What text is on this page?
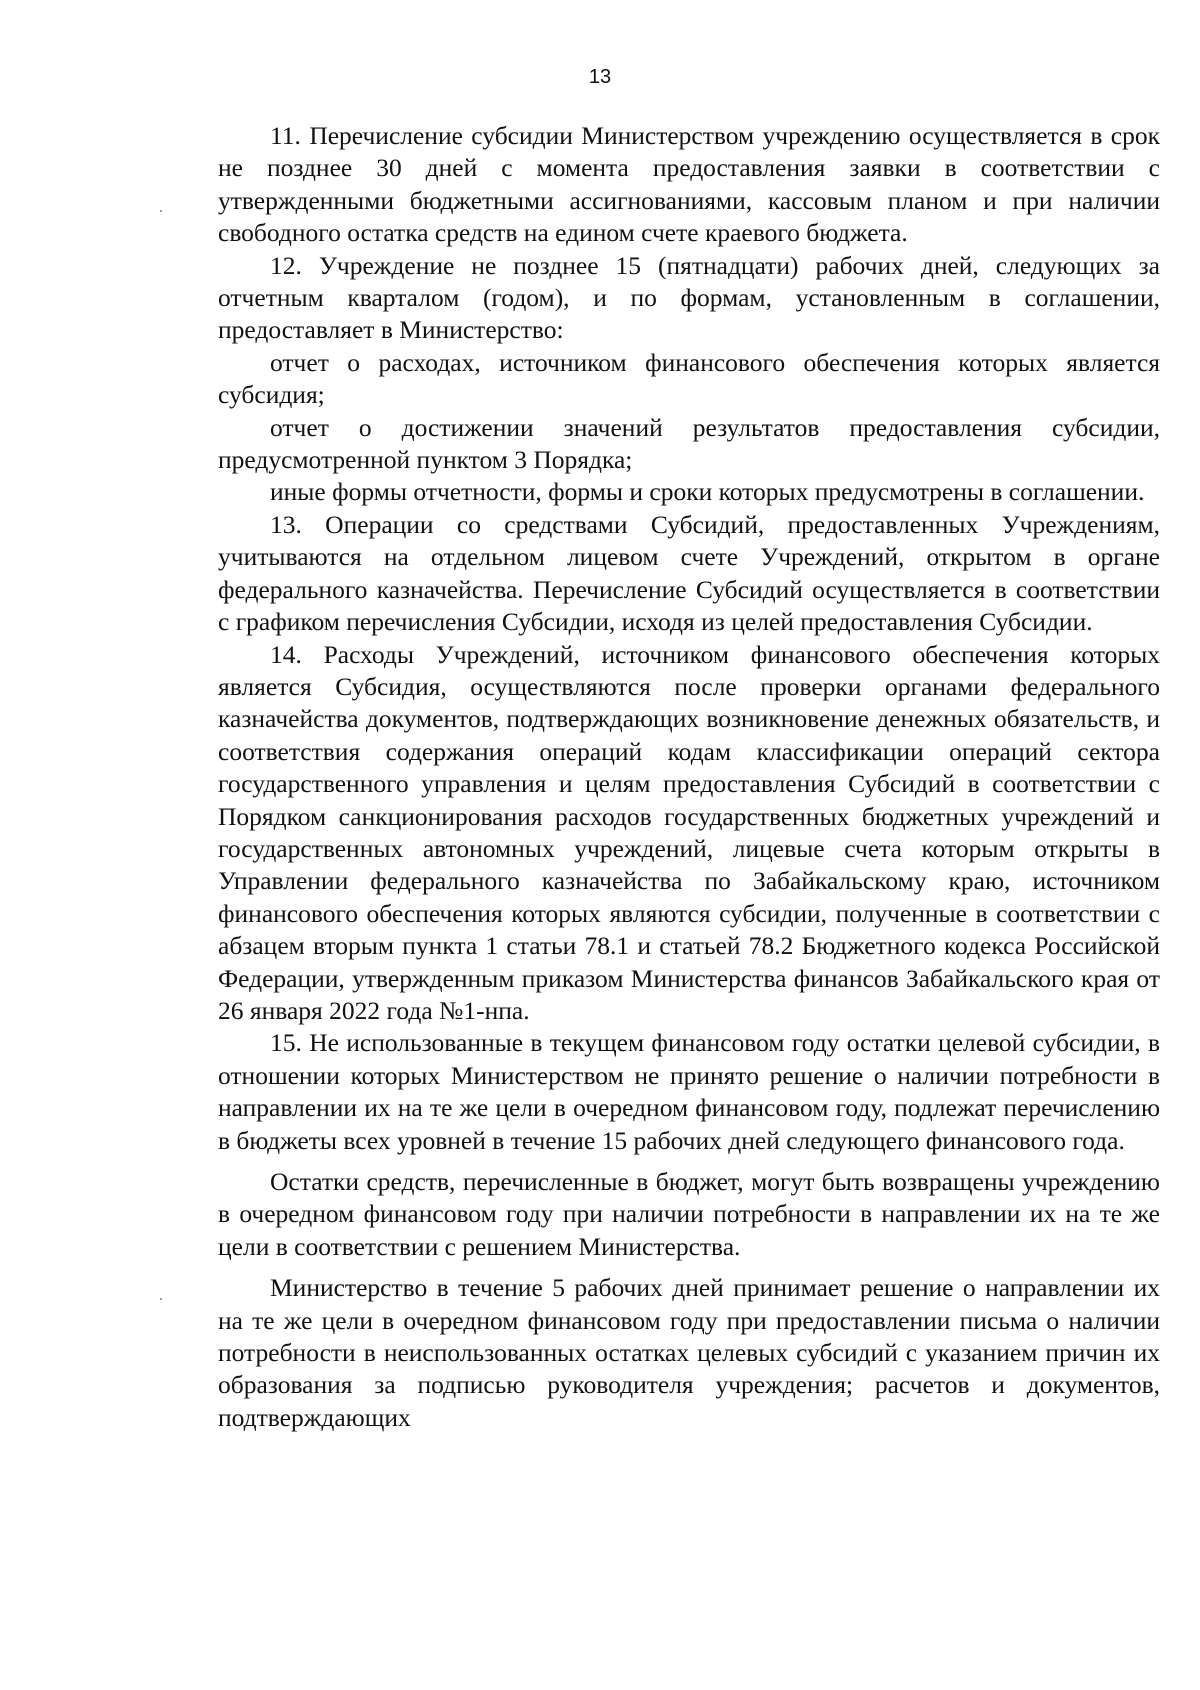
13

11. Перечисление субсидии Министерством учреждению осуществляется в срок не позднее 30 дней с момента предоставления заявки в соответствии с утвержденными бюджетными ассигнованиями, кассовым планом и при наличии свободного остатка средств на едином счете краевого бюджета.

12. Учреждение не позднее 15 (пятнадцати) рабочих дней, следующих за отчетным кварталом (годом), и по формам, установленным в соглашении, предоставляет в Министерство:

отчет о расходах, источником финансового обеспечения которых является субсидия;

отчет о достижении значений результатов предоставления субсидии, предусмотренной пунктом 3 Порядка;

иные формы отчетности, формы и сроки которых предусмотрены в соглашении.

13. Операции со средствами Субсидий, предоставленных Учреждениям, учитываются на отдельном лицевом счете Учреждений, открытом в органе федерального казначейства. Перечисление Субсидий осуществляется в соответствии с графиком перечисления Субсидии, исходя из целей предоставления Субсидии.

14. Расходы Учреждений, источником финансового обеспечения которых является Субсидия, осуществляются после проверки органами федерального казначейства документов, подтверждающих возникновение денежных обязательств, и соответствия содержания операций кодам классификации операций сектора государственного управления и целям предоставления Субсидий в соответствии с Порядком санкционирования расходов государственных бюджетных учреждений и государственных автономных учреждений, лицевые счета которым открыты в Управлении федерального казначейства по Забайкальскому краю, источником финансового обеспечения которых являются субсидии, полученные в соответствии с абзацем вторым пункта 1 статьи 78.1 и статьей 78.2 Бюджетного кодекса Российской Федерации, утвержденным приказом Министерства финансов Забайкальского края от 26 января 2022 года №1-нпа.

15. Не использованные в текущем финансовом году остатки целевой субсидии, в отношении которых Министерством не принято решение о наличии потребности в направлении их на те же цели в очередном финансовом году, подлежат перечислению в бюджеты всех уровней в течение 15 рабочих дней следующего финансового года.

Остатки средств, перечисленные в бюджет, могут быть возвращены учреждению в очередном финансовом году при наличии потребности в направлении их на те же цели в соответствии с решением Министерства.

Министерство в течение 5 рабочих дней принимает решение о направлении их на те же цели в очередном финансовом году при предоставлении письма о наличии потребности в неиспользованных остатках целевых субсидий с указанием причин их образования за подписью руководителя учреждения; расчетов и документов, подтверждающих
